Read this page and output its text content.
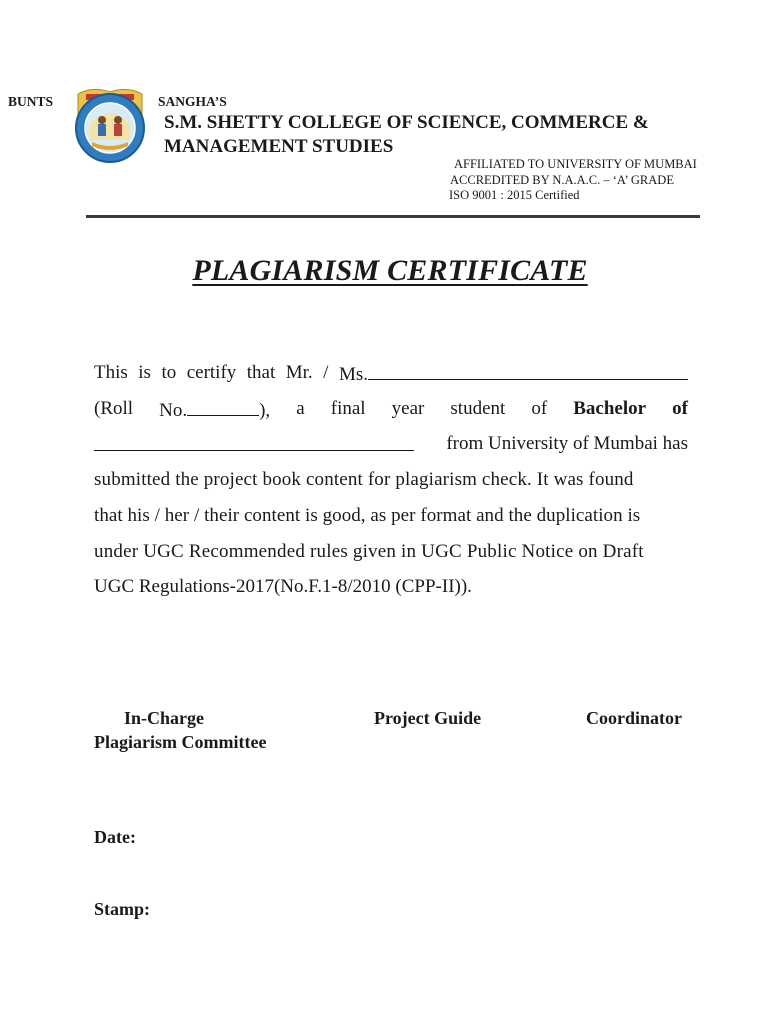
BUNTS	SANGHA’S
S.M. SHETTY COLLEGE OF SCIENCE, COMMERCE &
MANAGEMENT STUDIES
AFFILIATED TO UNIVERSITY OF MUMBAI
ACCREDITED BY N.A.A.C. – ‘A’ GRADE
ISO 9001 : 2015 Certified
PLAGIARISM CERTIFICATE
This is to certify that Mr. / Ms.
(Roll No.	), a final year student of Bachelor of
from University of Mumbai has
submitted the project book content for plagiarism check. It was found
that his / her / their content is good, as per format and the duplication is
under UGC Recommended rules given in UGC Public Notice on Draft
UGC Regulations-2017(No.F.1-8/2010 (CPP-II)).
In-Charge
Plagiarism Committee
Project Guide	Coordinator
Date:
Stamp:
